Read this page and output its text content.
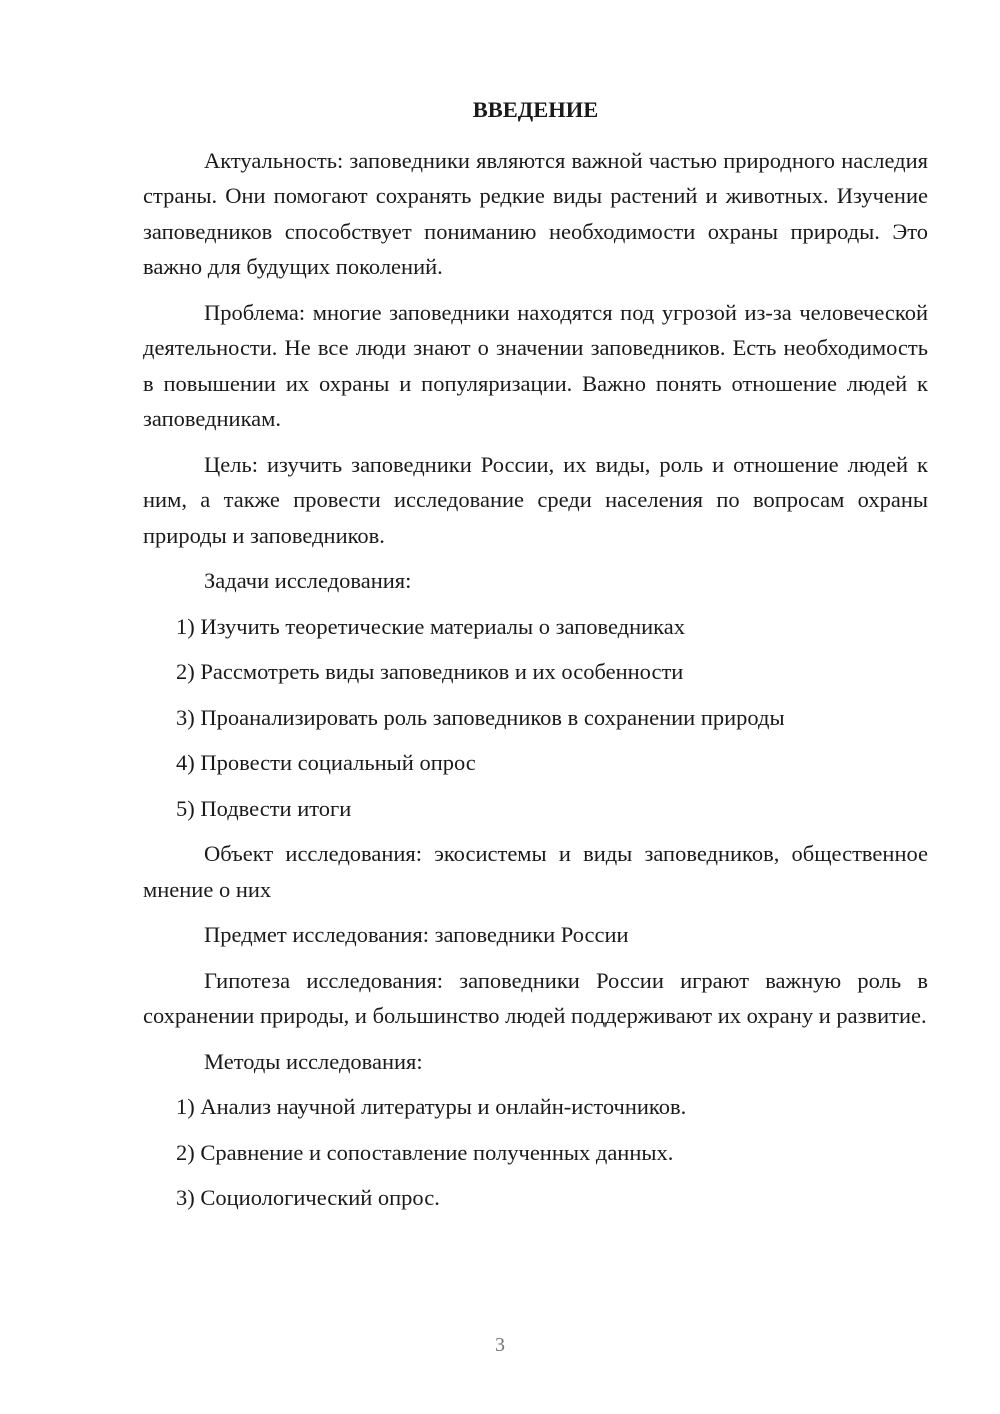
ВВЕДЕНИЕ
Актуальность: заповедники являются важной частью природного наследия страны. Они помогают сохранять редкие виды растений и животных. Изучение заповедников способствует пониманию необходимости охраны природы. Это важно для будущих поколений.
Проблема: многие заповедники находятся под угрозой из-за человеческой деятельности. Не все люди знают о значении заповедников. Есть необходимость в повышении их охраны и популяризации. Важно понять отношение людей к заповедникам.
Цель: изучить заповедники России, их виды, роль и отношение людей к ним, а также провести исследование среди населения по вопросам охраны природы и заповедников.
Задачи исследования:
1) Изучить теоретические материалы о заповедниках
2) Рассмотреть виды заповедников и их особенности
3) Проанализировать роль заповедников в сохранении природы
4) Провести социальный опрос
5) Подвести итоги
Объект исследования: экосистемы и виды заповедников, общественное мнение о них
Предмет исследования: заповедники России
Гипотеза исследования: заповедники России играют важную роль в сохранении природы, и большинство людей поддерживают их охрану и развитие.
Методы исследования:
1) Анализ научной литературы и онлайн-источников.
2) Сравнение и сопоставление полученных данных.
3) Социологический опрос.
3
